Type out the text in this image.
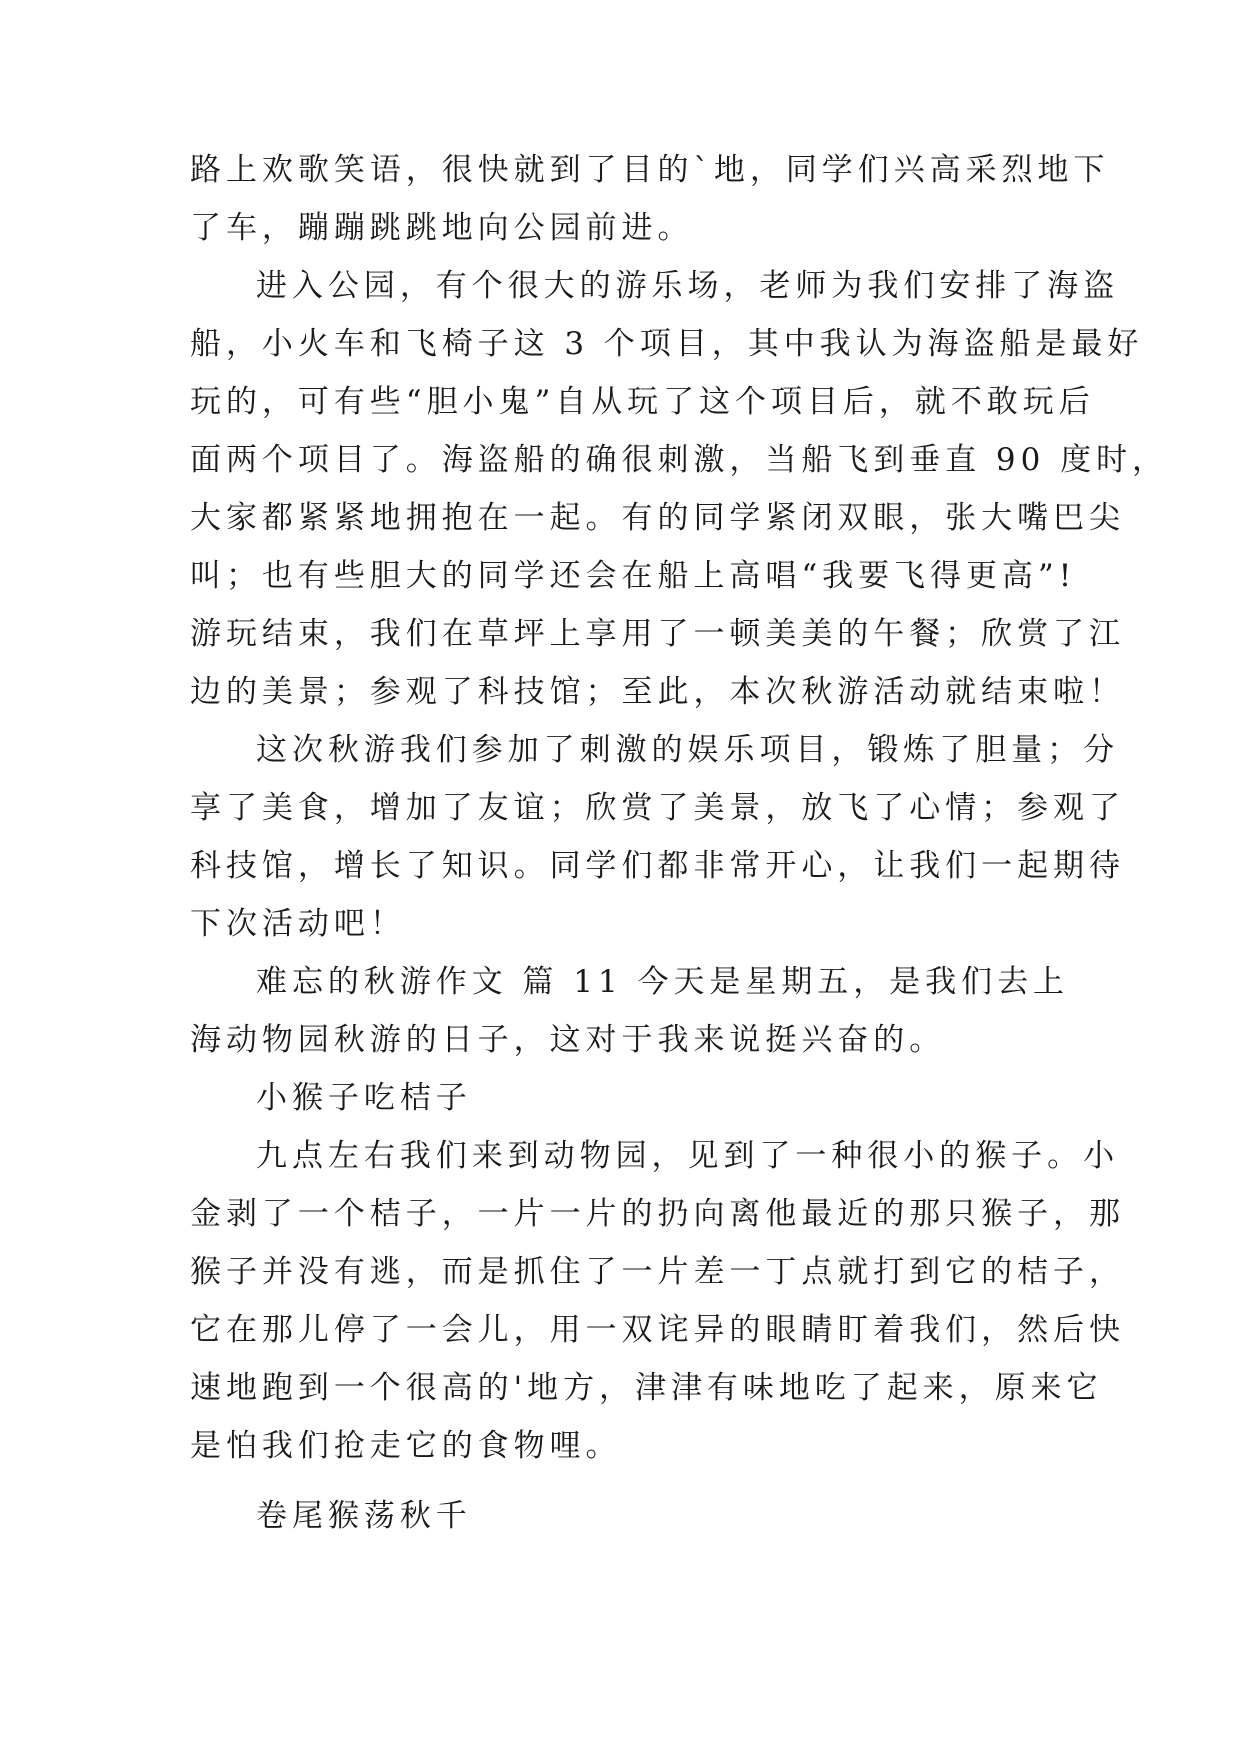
路上欢歌笑语，很快就到了目的`地，同学们兴高采烈地下
了车，蹦蹦跳跳地向公园前进。
进入公园，有个很大的游乐场，老师为我们安排了海盗
船，小火车和飞椅子这 3 个项目，其中我认为海盗船是最好
玩的，可有些“胆小鬼”自从玩了这个项目后，就不敢玩后
面两个项目了。海盗船的确很刺激，当船飞到垂直 90 度时，
大家都紧紧地拥抱在一起。有的同学紧闭双眼，张大嘴巴尖
叫；也有些胆大的同学还会在船上高唱“我要飞得更高”!
游玩结束，我们在草坪上享用了一顿美美的午餐；欣赏了江
边的美景；参观了科技馆；至此，本次秋游活动就结束啦！
这次秋游我们参加了刺激的娱乐项目，锻炼了胆量；分
享了美食，增加了友谊；欣赏了美景，放飞了心情；参观了
科技馆，增长了知识。同学们都非常开心，让我们一起期待
下次活动吧！
难忘的秋游作文 篇 11 今天是星期五，是我们去上
海动物园秋游的日子，这对于我来说挺兴奋的。
小猴子吃桔子
九点左右我们来到动物园，见到了一种很小的猴子。小
金剥了一个桔子，一片一片的扔向离他最近的那只猴子，那
猴子并没有逃，而是抓住了一片差一丁点就打到它的桔子，
它在那儿停了一会儿，用一双诧异的眼睛盯着我们，然后快
速地跑到一个很高的'地方，津津有味地吃了起来，原来它
是怕我们抢走它的食物哩。
卷尾猴荡秋千
